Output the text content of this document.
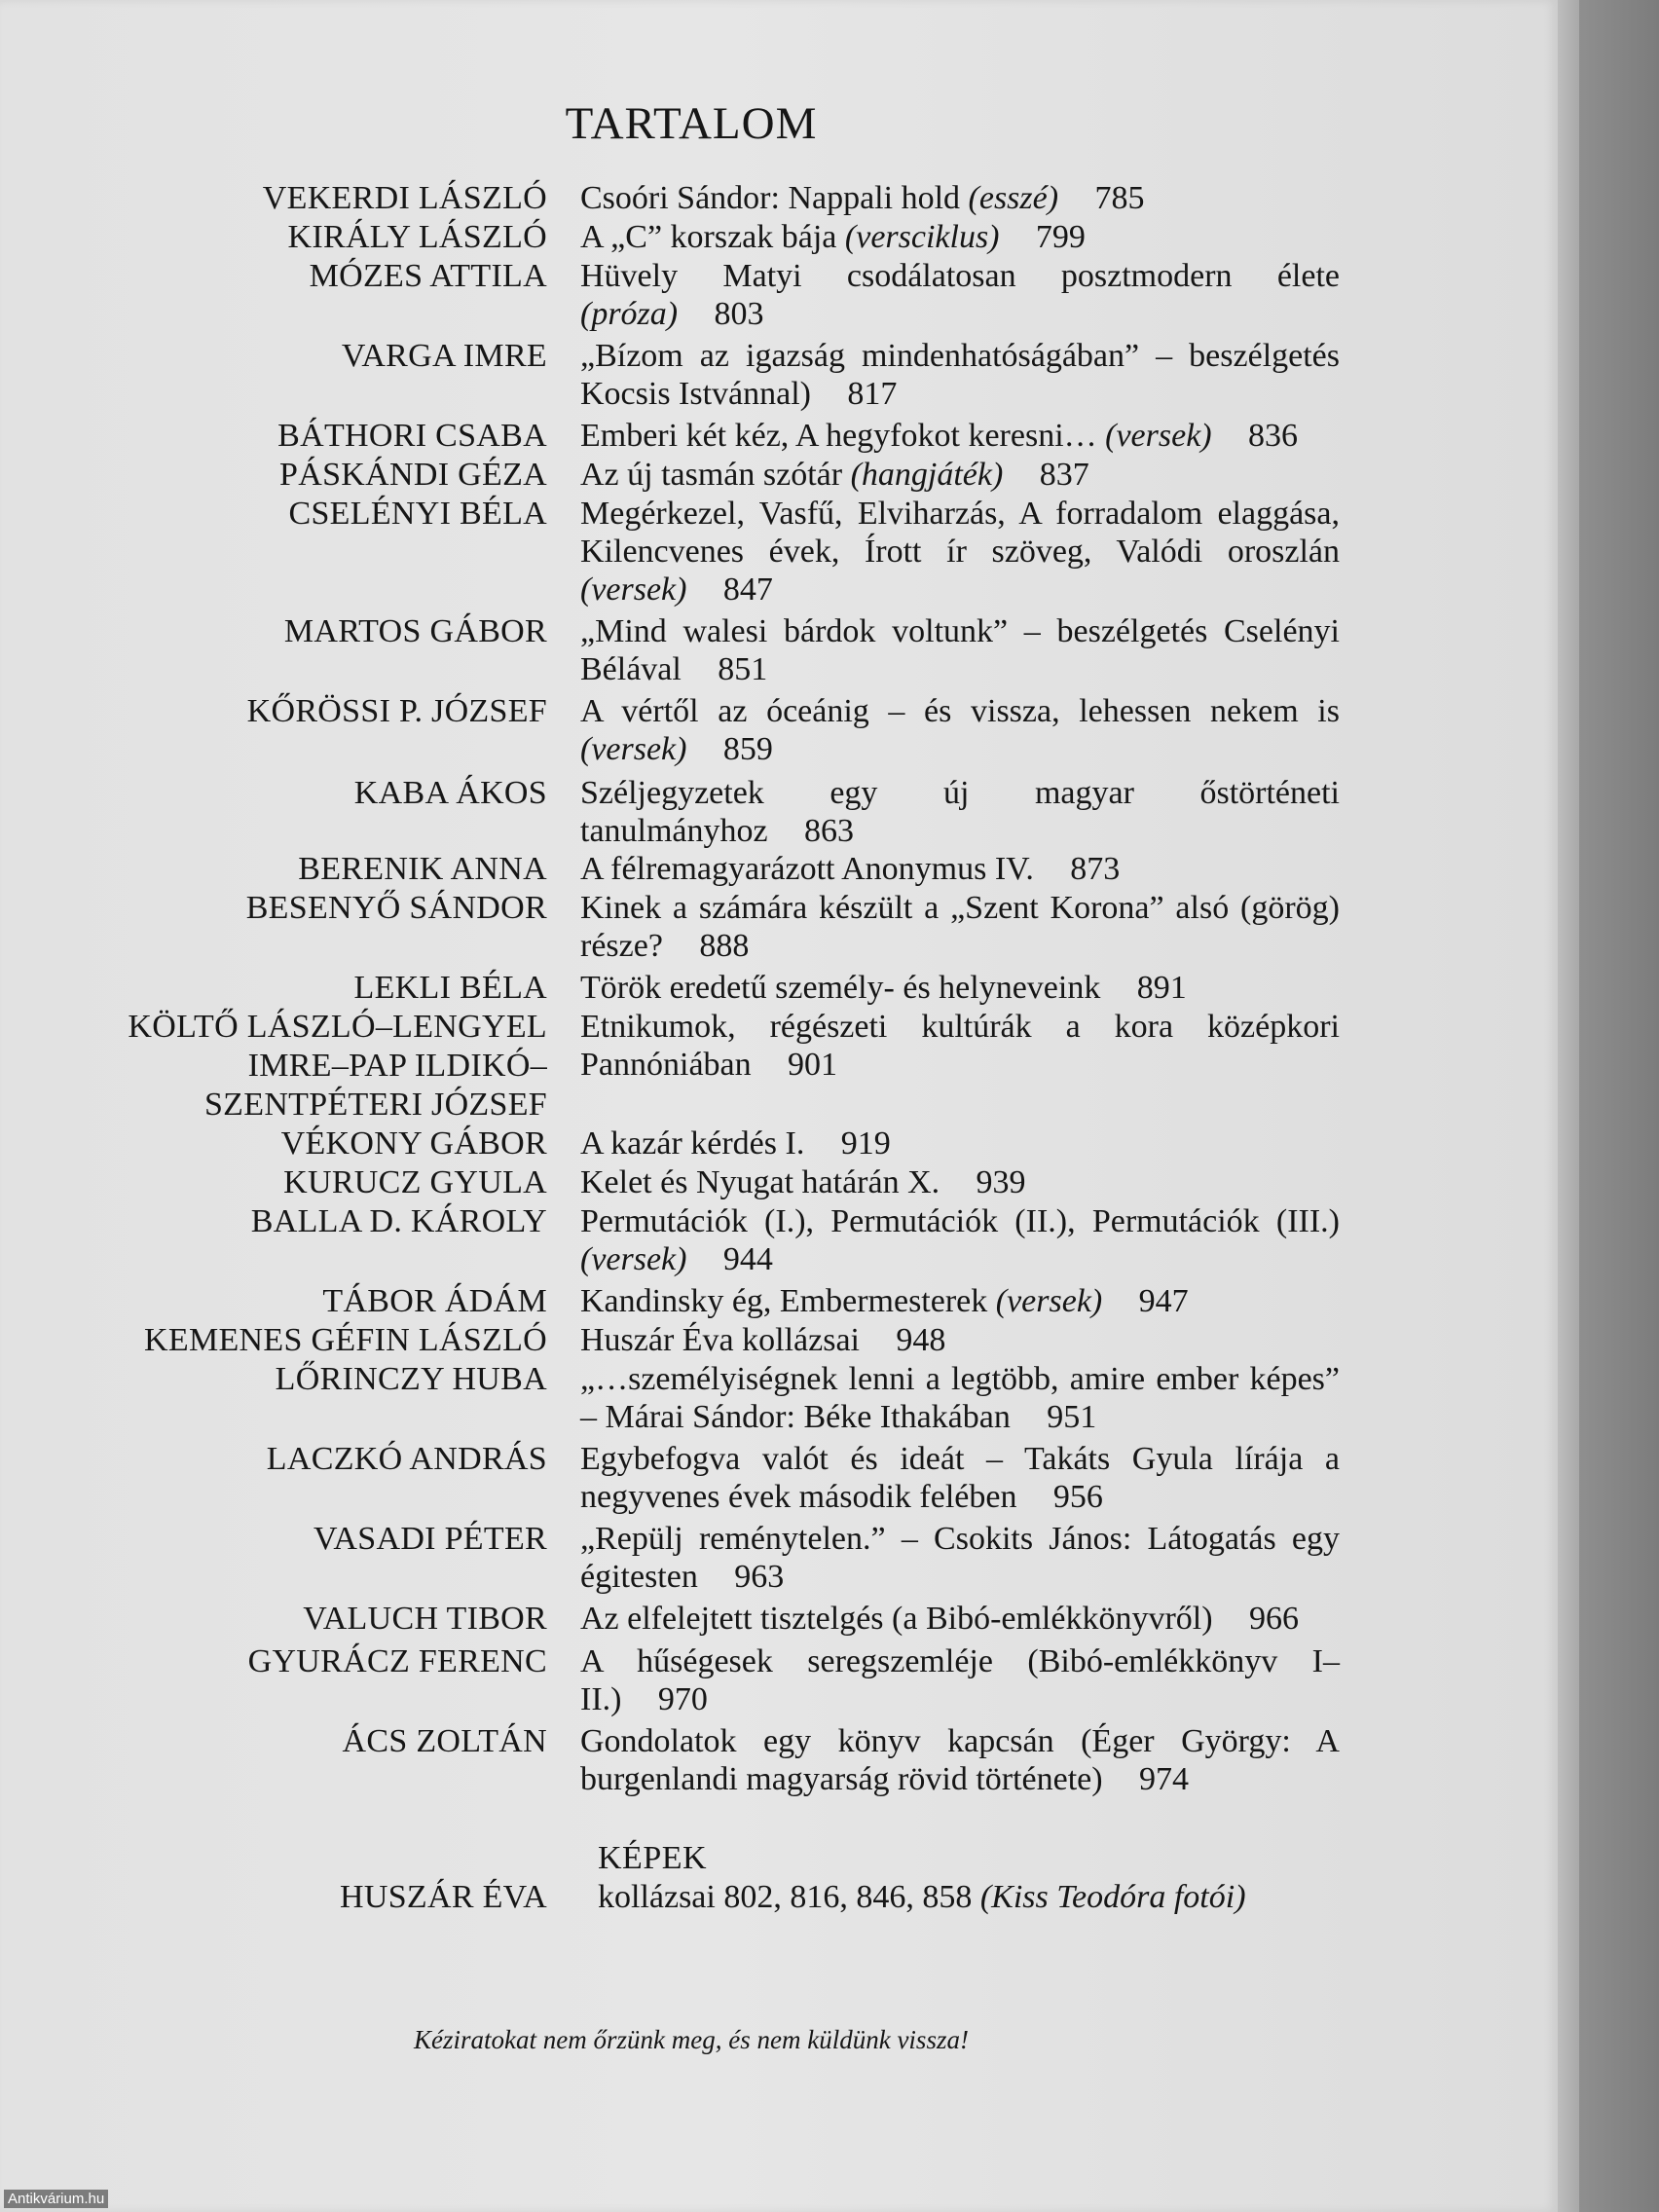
TARTALOM
VEKERDI LÁSZLÓ Csoóri Sándor: Nappali hold (esszé) 785
KIRÁLY LÁSZLÓ A „C” korszak bája (versciklus) 799
MÓZES ATTILA Hüvely Matyi csodálatosan posztmodern élete (próza) 803
VARGA IMRE „Bízom az igazság mindenhatóságában” – beszélgetés Kocsis Istvánnal) 817
BÁTHORI CSABA Emberi két kéz, A hegyfokot keresni… (versek) 836
PÁSKÁNDI GÉZA Az új tasmán szótár (hangjáték) 837
CSELÉNYI BÉLA Megérkezel, Vasfű, Elviharzás, A forradalom elaggása, Kilencvenes évek, Írott ír szöveg, Valódi oroszlán (versek) 847
MARTOS GÁBOR „Mind walesi bárdok voltunk” – beszélgetés Cselényi Bélával 851
KŐRÖSSI P. JÓZSEF A vértől az óceánig – és vissza, lehessen nekem is (versek) 859
KABA ÁKOS Széljegyzetek egy új magyar őstörténeti tanulmányhoz 863
BERENIK ANNA A félremagyarázott Anonymus IV. 873
BESENYŐ SÁNDOR Kinek a számára készült a „Szent Korona” alsó (görög) része? 888
LEKLI BÉLA Török eredetű személy- és helyneveink 891
KÖLTŐ LÁSZLÓ–LENGYEL
IMRE–PAP ILDIKÓ–
SZENTPÉTERI JÓZSEF
Etnikumok, régészeti kultúrák a kora középkori Pannóniában 901
VÉKONY GÁBOR A kazár kérdés I. 919
KURUCZ GYULA Kelet és Nyugat határán X. 939
BALLA D. KÁROLY Permutációk (I.), Permutációk (II.), Permutációk (III.) (versek) 944
TÁBOR ÁDÁM Kandinsky ég, Embermesterek (versek) 947
KEMENES GÉFIN LÁSZLÓ Huszár Éva kollázsai 948
LŐRINCZY HUBA „…személyiségnek lenni a legtöbb, amire ember képes” – Márai Sándor: Béke Ithakában 951
LACZKÓ ANDRÁS Egybefogva valót és ideát – Takáts Gyula lírája a negyvenes évek második felében 956
VASADI PÉTER „Repülj reménytelen.” – Csokits János: Látogatás egy égitesten 963
VALUCH TIBOR Az elfelejtett tisztelgés (a Bibó-emlékkönyvről) 966
GYURÁCZ FERENC A hűségesek seregszemléje (Bibó-emlékkönyv I–II.) 970
ÁCS ZOLTÁN Gondolatok egy könyv kapcsán (Éger György: A burgenlandi magyarság rövid története) 974
KÉPEK
HUSZÁR ÉVA kollázsai 802, 816, 846, 858 (Kiss Teodóra fotói)
Kéziratokat nem őrzünk meg, és nem küldünk vissza!
Antikvárium.hu
